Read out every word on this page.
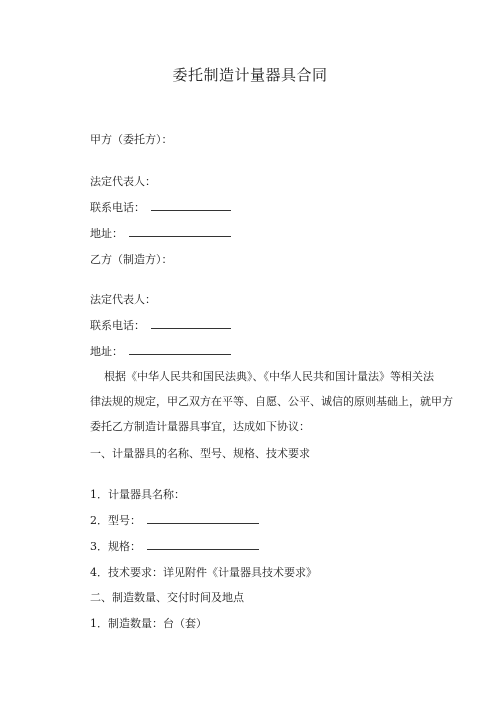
委托制造计量器具合同
甲方（委托方）：
法定代表人：
联系电话：
地址：
乙方（制造方）：
法定代表人：
联系电话：
地址：
根据《中华人民共和国民法典》、《中华人民共和国计量法》等相关法
律法规的规定，甲乙双方在平等、自愿、公平、诚信的原则基础上，就甲方
委托乙方制造计量器具事宜，达成如下协议：
一、计量器具的名称、型号、规格、技术要求
1．计量器具名称：
2．型号：
3．规格：
4．技术要求：详见附件《计量器具技术要求》
二、制造数量、交付时间及地点
1．制造数量：台（套）
